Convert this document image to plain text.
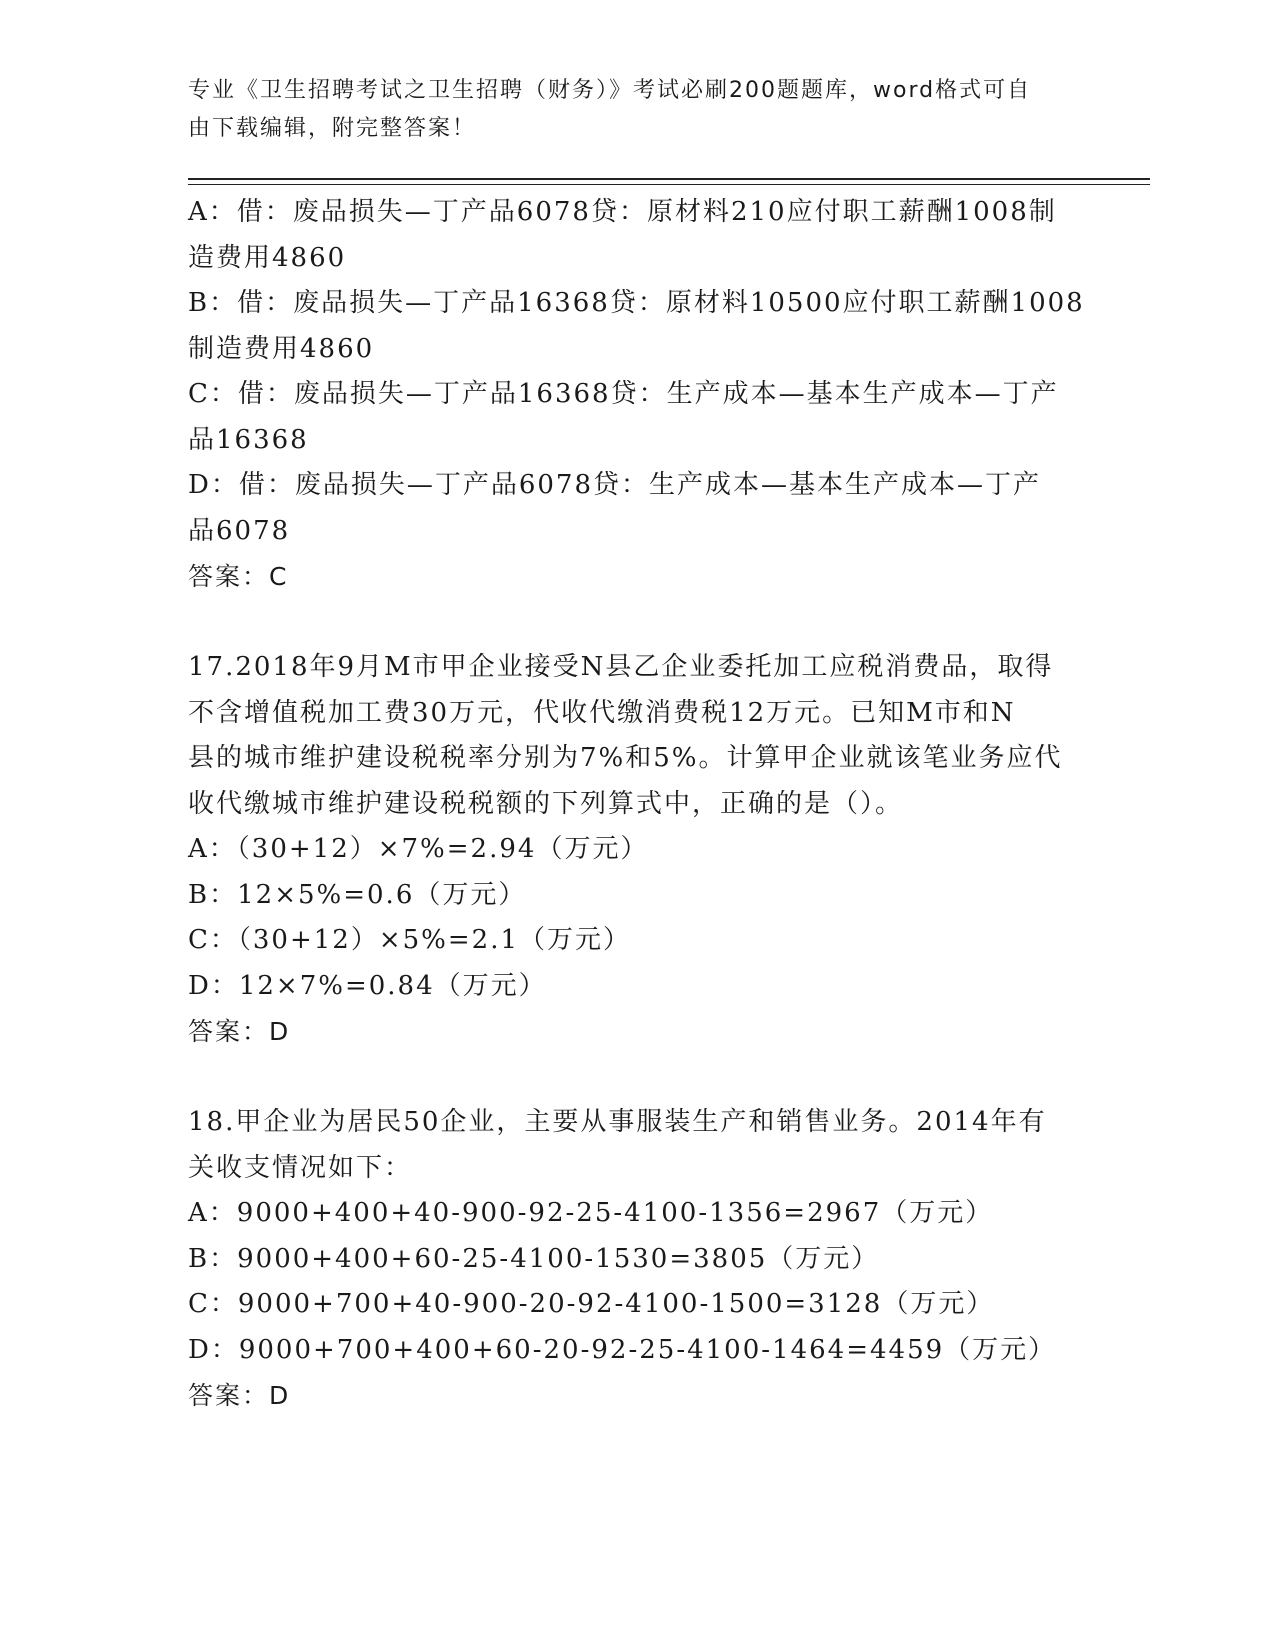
专业《卫生招聘考试之卫生招聘（财务）》考试必刷200题题库，word格式可自
由下载编辑，附完整答案！
A：借：废品损失—丁产品6078贷：原材料210应付职工薪酬1008制
造费用4860
B：借：废品损失—丁产品16368贷：原材料10500应付职工薪酬1008
制造费用4860
C：借：废品损失—丁产品16368贷：生产成本—基本生产成本—丁产
品16368
D：借：废品损失—丁产品6078贷：生产成本—基本生产成本—丁产
品6078
答案：C
17.2018年9月M市甲企业接受N县乙企业委托加工应税消费品，取得
不含增值税加工费30万元，代收代缴消费税12万元。已知M市和N
县的城市维护建设税税率分别为7%和5%。计算甲企业就该笔业务应代
收代缴城市维护建设税税额的下列算式中，正确的是（）。
A：（30+12）×7%=2.94（万元）
B：12×5%=0.6（万元）
C：（30+12）×5%=2.1（万元）
D：12×7%=0.84（万元）
答案：D
18.甲企业为居民50企业，主要从事服装生产和销售业务。2014年有
关收支情况如下：
A：9000+400+40-900-92-25-4100-1356=2967（万元）
B：9000+400+60-25-4100-1530=3805（万元）
C：9000+700+40-900-20-92-4100-1500=3128（万元）
D：9000+700+400+60-20-92-25-4100-1464=4459（万元）
答案：D
